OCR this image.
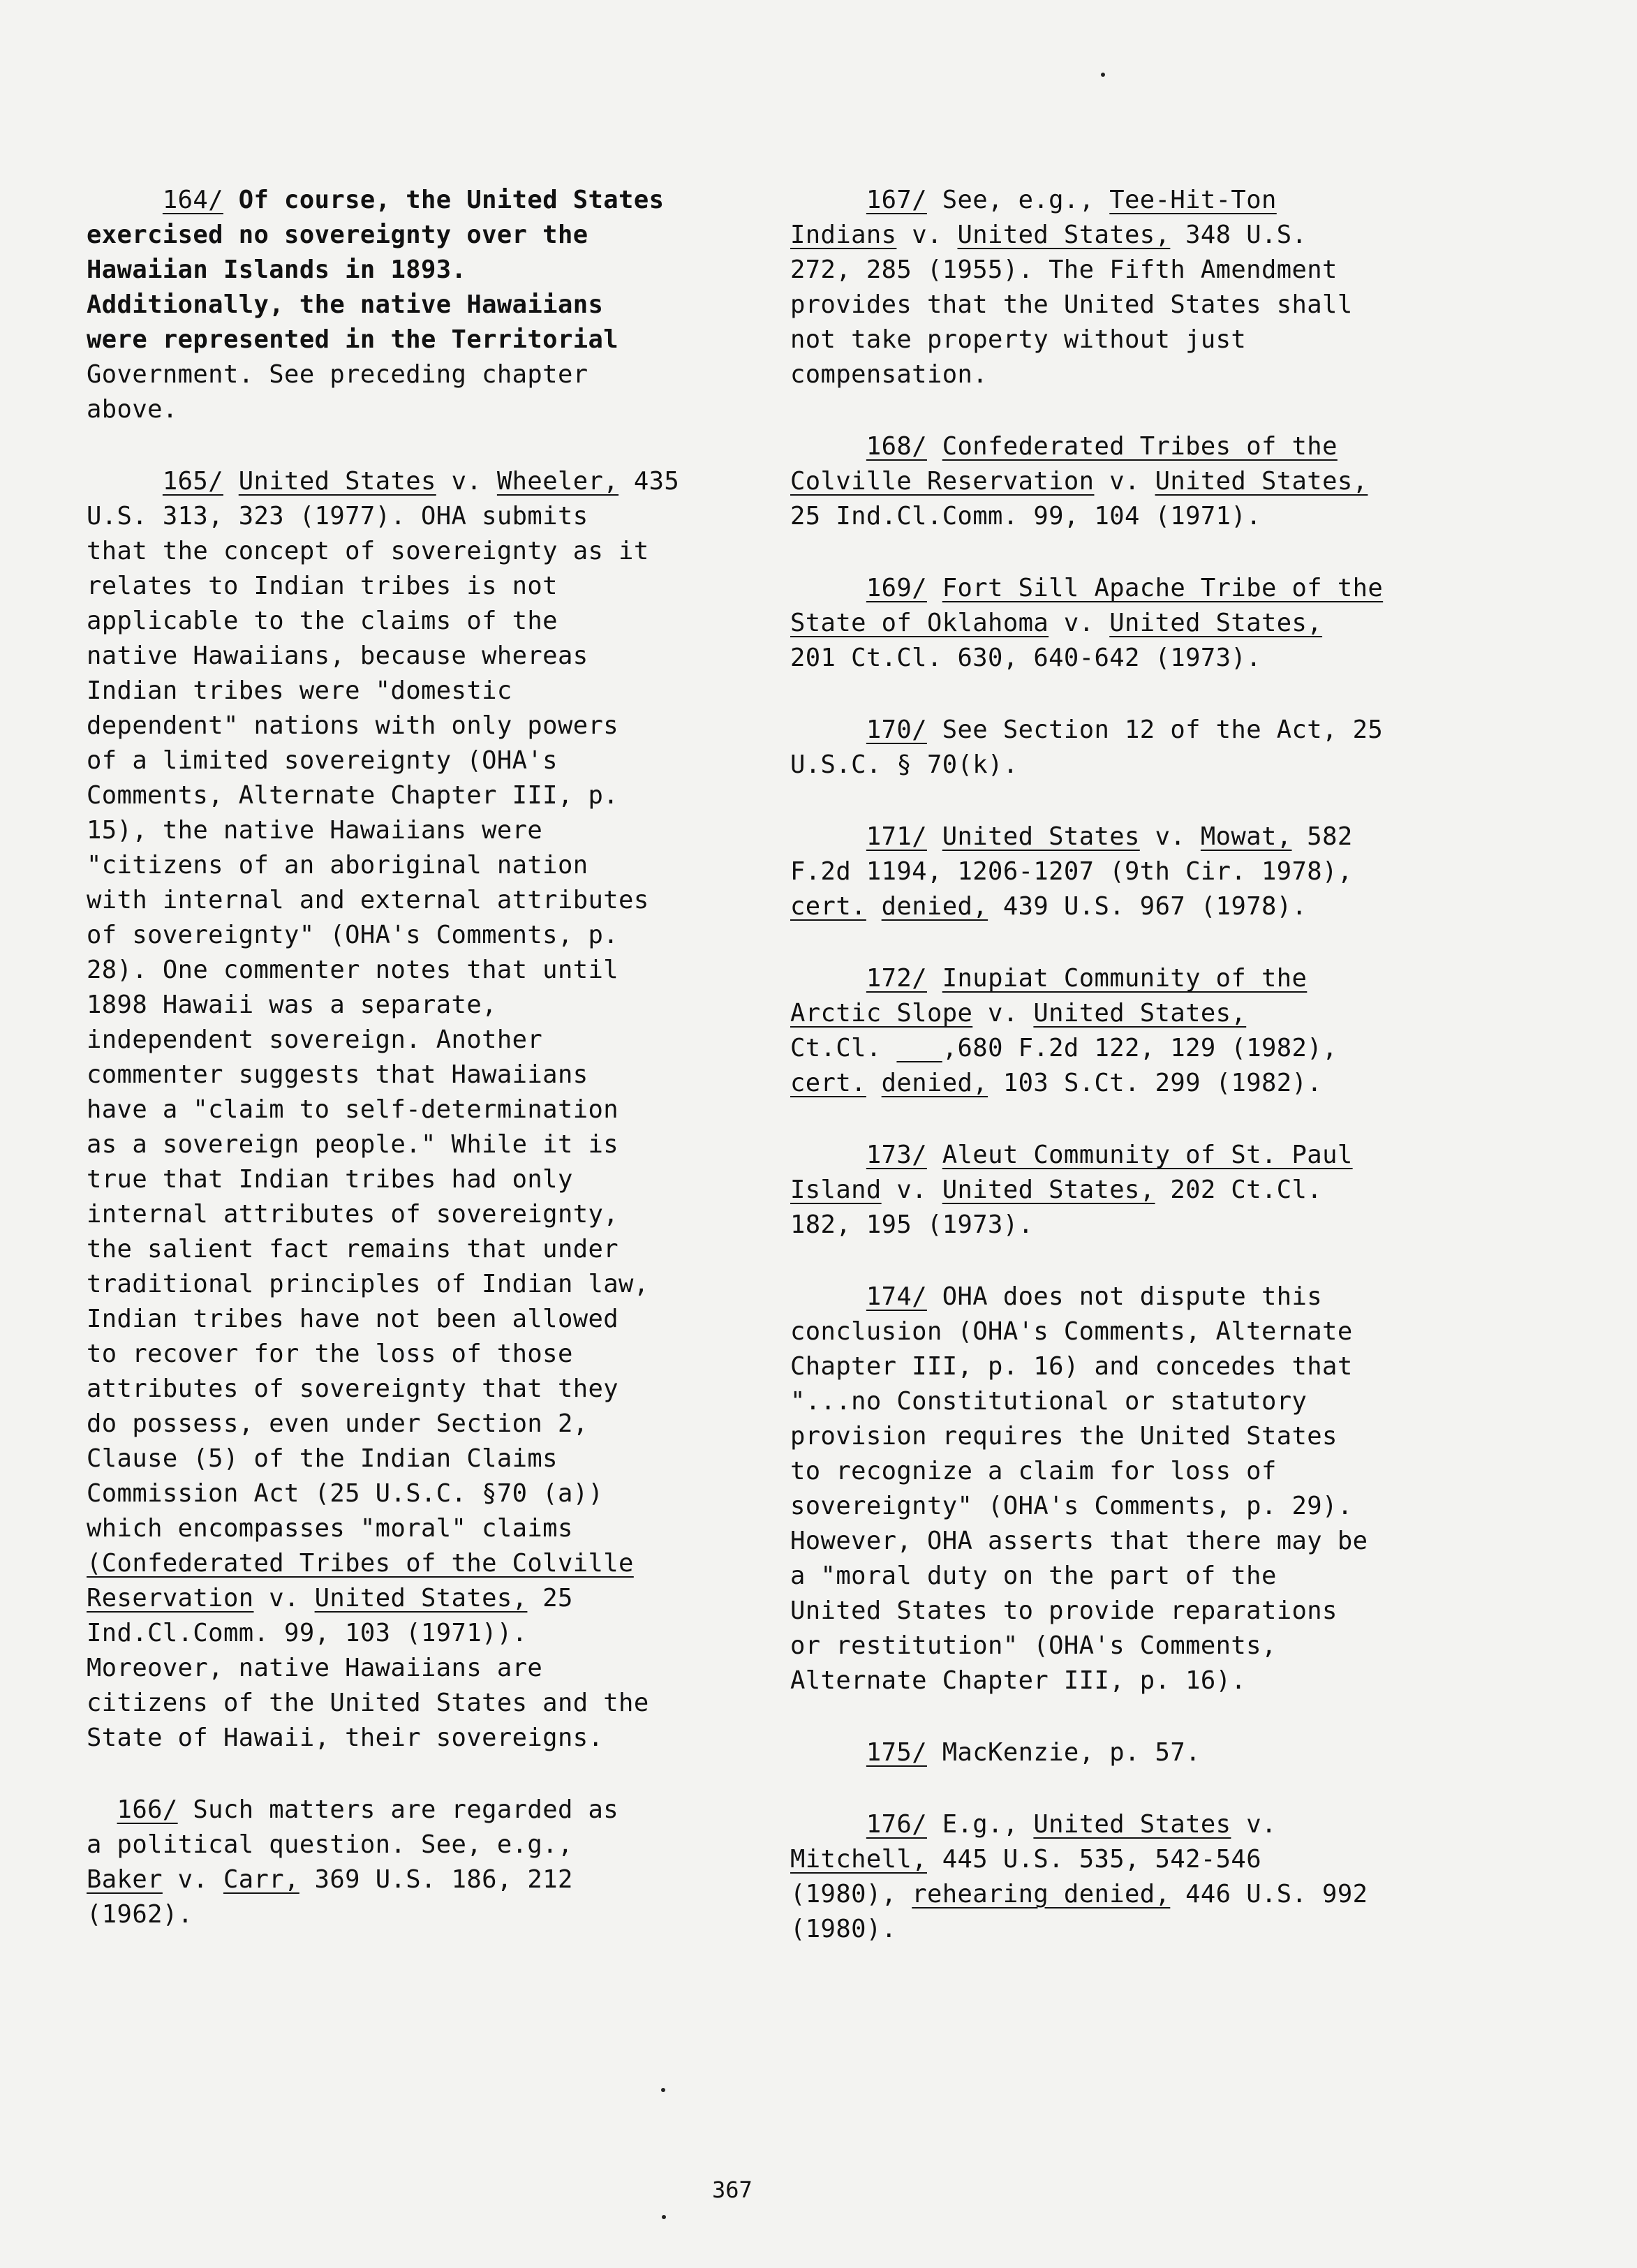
164/ Of course, the United States
exercised no sovereignty over the
Hawaiian Islands in 1893.
Additionally, the native Hawaiians
were represented in the Territorial
Government. See preceding chapter
above.
165/ United States v. Wheeler, 435
U.S. 313, 323 (1977). OHA submits
that the concept of sovereignty as it
relates to Indian tribes is not
applicable to the claims of the
native Hawaiians, because whereas
Indian tribes were "domestic
dependent" nations with only powers
of a limited sovereignty (OHA's
Comments, Alternate Chapter III, p.
15), the native Hawaiians were
"citizens of an aboriginal nation
with internal and external attributes
of sovereignty" (OHA's Comments, p.
28). One commenter notes that until
1898 Hawaii was a separate,
independent sovereign. Another
commenter suggests that Hawaiians
have a "claim to self-determination
as a sovereign people." While it is
true that Indian tribes had only
internal attributes of sovereignty,
the salient fact remains that under
traditional principles of Indian law,
Indian tribes have not been allowed
to recover for the loss of those
attributes of sovereignty that they
do possess, even under Section 2,
Clause (5) of the Indian Claims
Commission Act (25 U.S.C. §70 (a))
which encompasses "moral" claims
(Confederated Tribes of the Colville
Reservation v. United States, 25
Ind.Cl.Comm. 99, 103 (1971)).
Moreover, native Hawaiians are
citizens of the United States and the
State of Hawaii, their sovereigns.
166/ Such matters are regarded as
a political question. See, e.g.,
Baker v. Carr, 369 U.S. 186, 212
(1962).
167/ See, e.g., Tee-Hit-Ton
Indians v. United States, 348 U.S.
272, 285 (1955). The Fifth Amendment
provides that the United States shall
not take property without just
compensation.
168/ Confederated Tribes of the
Colville Reservation v. United States,
25 Ind.Cl.Comm. 99, 104 (1971).
169/ Fort Sill Apache Tribe of the
State of Oklahoma v. United States,
201 Ct.Cl. 630, 640-642 (1973).
170/ See Section 12 of the Act, 25
U.S.C. § 70(k).
171/ United States v. Mowat, 582
F.2d 1194, 1206-1207 (9th Cir. 1978),
cert. denied, 439 U.S. 967 (1978).
172/ Inupiat Community of the
Arctic Slope v. United States,
Ct.Cl.    ,680 F.2d 122, 129 (1982),
cert. denied, 103 S.Ct. 299 (1982).
173/ Aleut Community of St. Paul
Island v. United States, 202 Ct.Cl.
182, 195 (1973).
174/ OHA does not dispute this
conclusion (OHA's Comments, Alternate
Chapter III, p. 16) and concedes that
"...no Constitutional or statutory
provision requires the United States
to recognize a claim for loss of
sovereignty" (OHA's Comments, p. 29).
However, OHA asserts that there may be
a "moral duty on the part of the
United States to provide reparations
or restitution" (OHA's Comments,
Alternate Chapter III, p. 16).
175/ MacKenzie, p. 57.
176/ E.g., United States v.
Mitchell, 445 U.S. 535, 542-546
(1980), rehearing denied, 446 U.S. 992
(1980).
367
